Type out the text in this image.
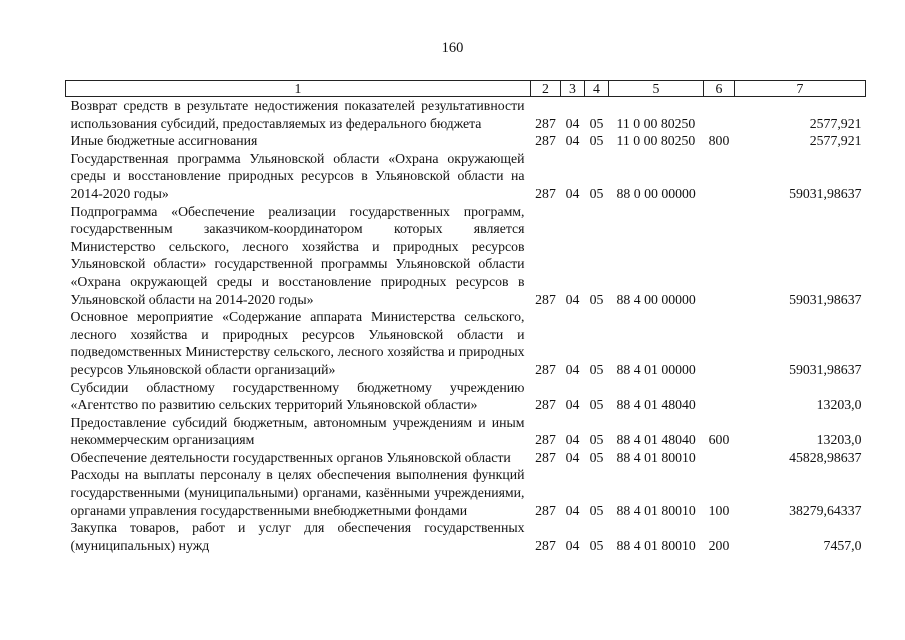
160
1	2	3	4	5	6	7
Возврат средств в результате недостижения показателей результативности использования субсидий, предоставляемых из федерального бюджета	287	04	05	11 0 00 80250		2577,921
Иные бюджетные ассигнования	287	04	05	11 0 00 80250	800	2577,921
Государственная программа Ульяновской области «Охрана окружающей среды и восстановление природных ресурсов в Ульяновской области на 2014-2020 годы»	287	04	05	88 0 00 00000		59031,98637
Подпрограмма «Обеспечение реализации государственных программ, государственным заказчиком-координатором которых является Министерство сельского, лесного хозяйства и природных ресурсов Ульяновской области» государственной программы Ульяновской области «Охрана окружающей среды и восстановление природных ресурсов в Ульяновской области на 2014-2020 годы»	287	04	05	88 4 00 00000		59031,98637
Основное мероприятие «Содержание аппарата Министерства сельского, лесного хозяйства и природных ресурсов Ульяновской области и подведомственных Министерству сельского, лесного хозяйства и природных ресурсов Ульяновской области организаций»	287	04	05	88 4 01 00000		59031,98637
Субсидии областному государственному бюджетному учреждению «Агентство по развитию сельских территорий Ульяновской области»	287	04	05	88 4 01 48040		13203,0
Предоставление субсидий бюджетным, автономным учреждениям и иным некоммерческим организациям	287	04	05	88 4 01 48040	600	13203,0
Обеспечение деятельности государственных органов Ульяновской области	287	04	05	88 4 01 80010		45828,98637
Расходы на выплаты персоналу в целях обеспечения выполнения функций государственными (муниципальными) органами, казёнными учреждениями, органами управления государственными внебюджетными фондами	287	04	05	88 4 01 80010	100	38279,64337
Закупка товаров, работ и услуг для обеспечения государственных (муниципальных) нужд	287	04	05	88 4 01 80010	200	7457,0
